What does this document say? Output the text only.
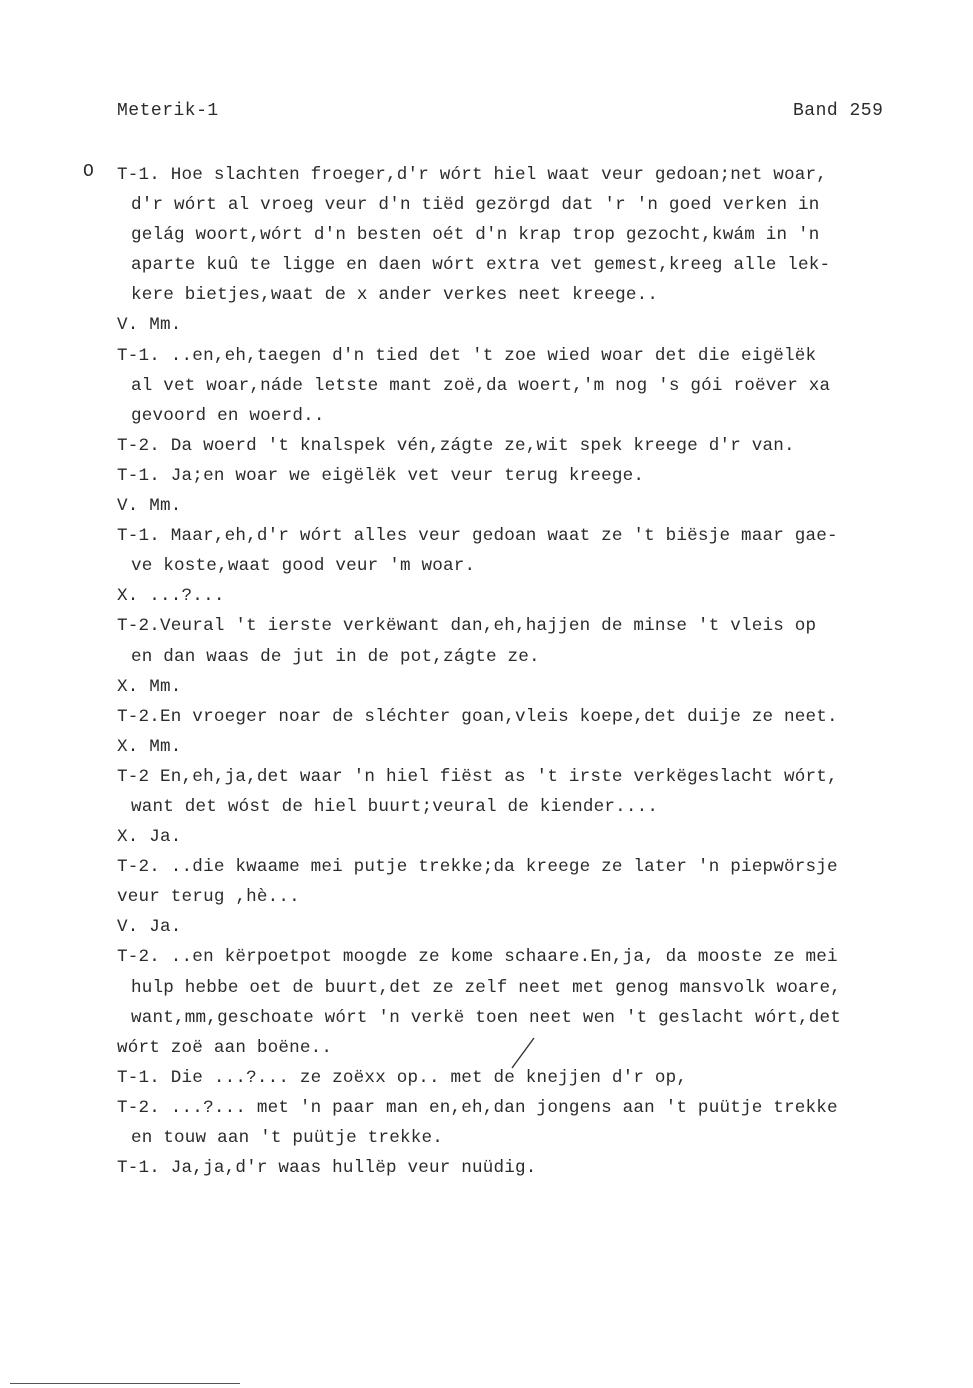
Meterik-1	Band 259
O T-1. Hoe slachten froeger,d'r wórt hiel waat veur gedoan;net woar,
d'r wórt al vroeg veur d'n tiëd gezörgd dat 'r 'n goed verken in
gelág woort,wórt d'n besten oét d'n krap trop gezocht,kwám in 'n
aparte kuû te ligge en daen wórt extra vet gemest,kreeg alle lek-
kere bietjes,waat de x ander verkes neet kreege..
V. Mm.
T-1. ..en,eh,taegen d'n tied det 't zoe wied woar det die eigëlëk
al vet woar,náde letste mant zoë,da woert,'m nog 's gói roëver xa
gevoord en woerd..
T-2. Da woerd 't knalspek vén,zágte ze,wit spek kreege d'r van.
T-1. Ja;en woar we eigëlëk vet veur terug kreege.
V. Mm.
T-1. Maar,eh,d'r wórt alles veur gedoan waat ze 't biësje maar gae-
ve koste,waat good veur 'm woar.
X. ...?...
T-2.Veural 't ierste verkëwant dan,eh,hajjen de minse 't vleis op
en dan waas de jut in de pot,zágte ze.
X. Mm.
T-2.En vroeger noar de sléchter goan,vleis koepe,det duije ze neet.
X. Mm.
T-2 En,eh,ja,det waar 'n hiel fiëst as 't irste verkëgeslacht wórt,
want det wóst de hiel buurt;veural de kiender....
X. Ja.
T-2. ..die kwaame mei putje trekke;da kreege ze later 'n piepwörsje
veur terug ,hè...
V. Ja.
T-2. ..en kërpoetpot moogde ze kome schaare.En,ja, da mooste ze mei
hulp hebbe oet de buurt,det ze zelf neet met genog mansvolk woare,
want,mm,geschoate wórt 'n verkë toen neet wen 't geslacht wórt,det
wórt zoë aan boëne..
T-1. Die ...?... ze zoëxx op.. met de knejjen d'r op,
T-2. ...?... met 'n paar man en,eh,dan jongens aan 't puütje trekke
en touw aan 't puütje trekke.
T-1. Ja,ja,d'r waas hullëp veur nuüdig.
